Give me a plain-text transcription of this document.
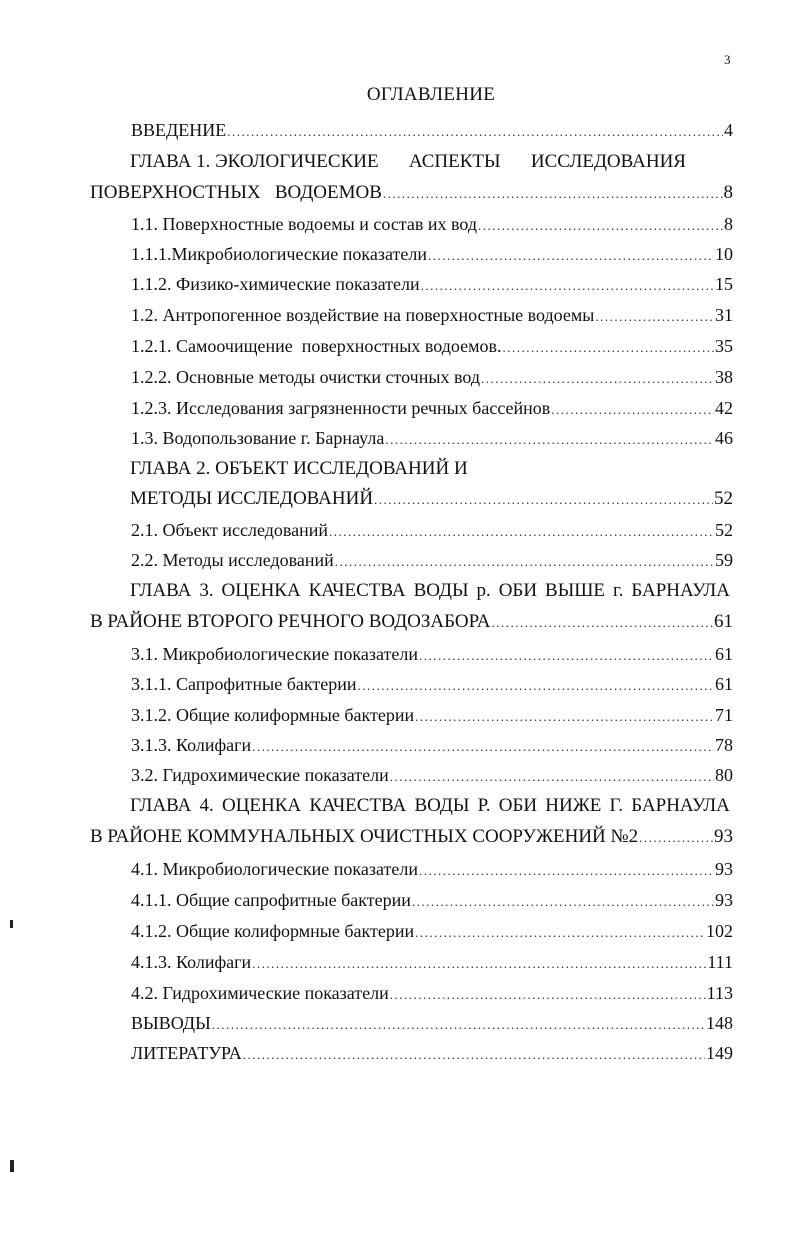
3
ОГЛАВЛЕНИЕ
ВВЕДЕНИЕ .....	4
ГЛАВА 1. ЭКОЛОГИЧЕСКИЕ АСПЕКТЫ ИССЛЕДОВАНИЯ
ПОВЕРХНОСТНЫХ   ВОДОЕМОВ .....	8
1.1. Поверхностные водоемы и состав их вод .....	8
1.1.1.Микробиологические показатели .....	10
1.1.2. Физико-химические показатели .....	15
1.2. Антропогенное воздействие на поверхностные водоемы .....	31
1.2.1. Самоочищение  поверхностных водоемов. .....	35
1.2.2. Основные методы очистки сточных вод .....	38
1.2.3. Исследования загрязненности речных бассейнов .....	42
1.3. Водопользование г. Барнаула .....	46
ГЛАВА 2. ОБЪЕКТ ИССЛЕДОВАНИЙ И
МЕТОДЫ ИССЛЕДОВАНИЙ .....	52
2.1. Объект исследований .....	52
2.2. Методы исследований .....	59
ГЛАВА 3. ОЦЕНКА КАЧЕСТВА ВОДЫ р. ОБИ ВЫШЕ г. БАРНАУЛА
В РАЙОНЕ ВТОРОГО РЕЧНОГО ВОДОЗАБОРА .....	61
3.1. Микробиологические показатели .....	61
3.1.1. Сапрофитные бактерии .....	61
3.1.2. Общие колиформные бактерии .....	71
3.1.3. Колифаги .....	78
3.2. Гидрохимические показатели .....	80
ГЛАВА 4. ОЦЕНКА КАЧЕСТВА ВОДЫ Р. ОБИ НИЖЕ Г. БАРНАУЛА
В РАЙОНЕ КОММУНАЛЬНЫХ ОЧИСТНЫХ СООРУЖЕНИЙ №2 .....	93
4.1. Микробиологические показатели .....	93
4.1.1. Общие сапрофитные бактерии .....	93
4.1.2. Общие колиформные бактерии .....	102
4.1.3. Колифаги .....	111
4.2. Гидрохимические показатели .....	113
ВЫВОДЫ .....	148
ЛИТЕРАТУРА .....	149
